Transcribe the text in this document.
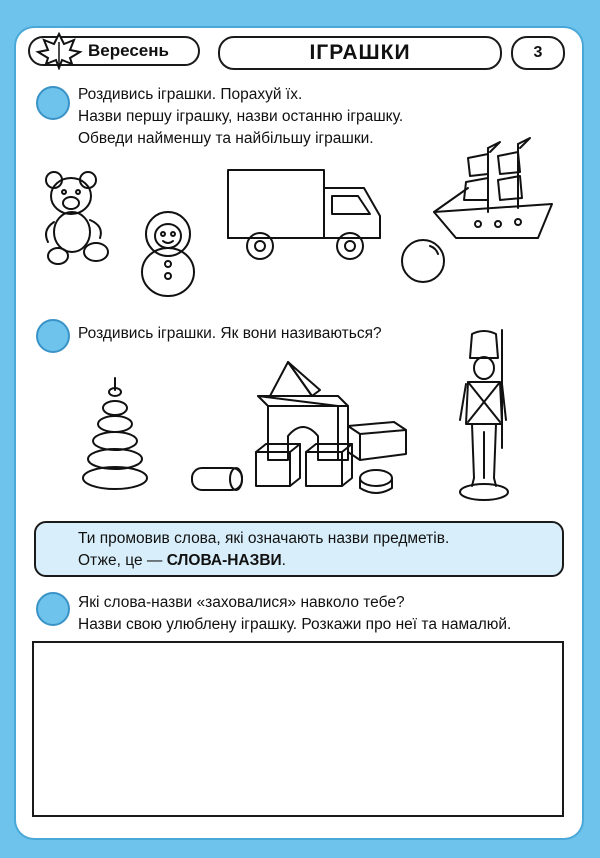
Вересень	ІГРАШКИ	3
Роздивись іграшки. Порахуй їх.
Назви першу іграшку, назви останню іграшку.
Обведи найменшу та найбільшу іграшки.
Роздивись іграшки. Як вони називаються?
Ти промовив слова, які означають назви предметів.
Отже, це — СЛОВА-НАЗВИ.
Які слова-назви «заховалися» навколо тебе?
Назви свою улюблену іграшку. Розкажи про неї та намалюй.
